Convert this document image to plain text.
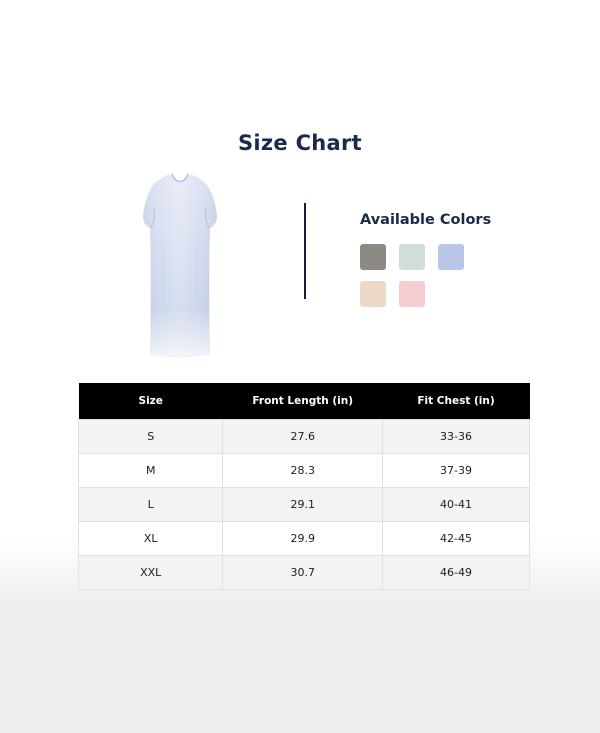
Size Chart
Available Colors
Size	Front Length (in)	Fit Chest (in)
S	27.6	33-36
M	28.3	37-39
L	29.1	40-41
XL	29.9	42-45
XXL	30.7	46-49
